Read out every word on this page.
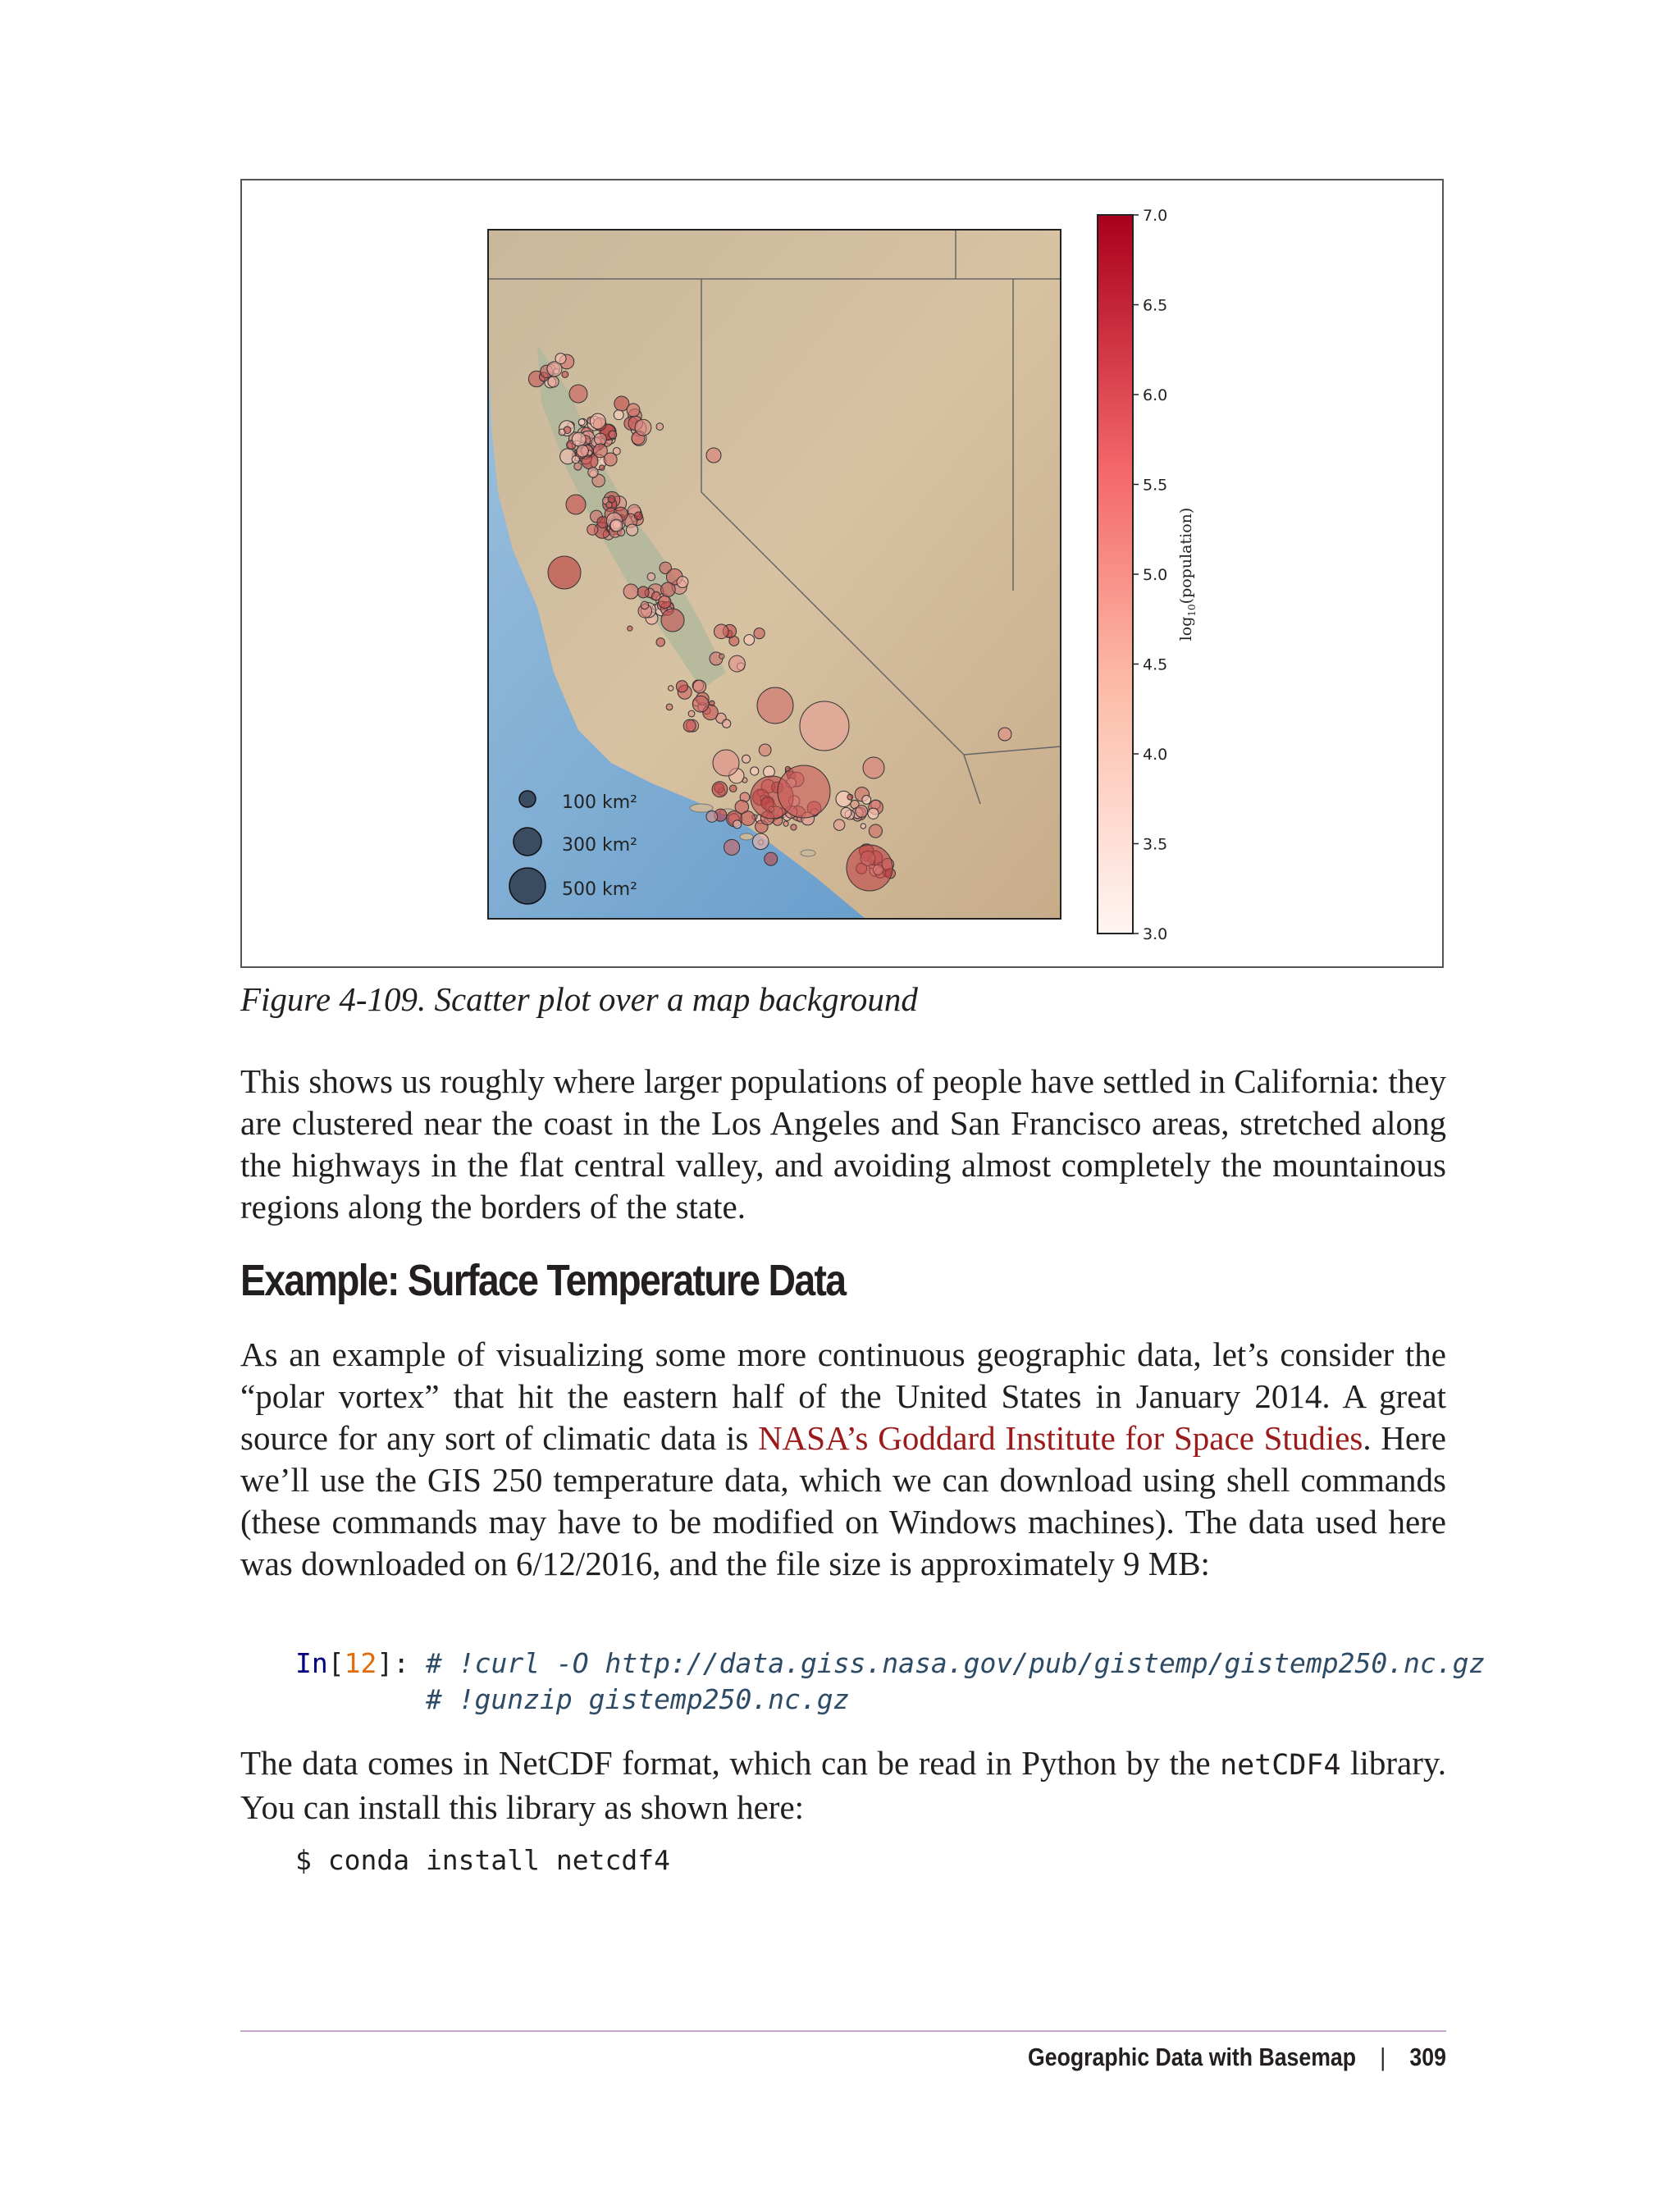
100 km²
300 km²
500 km²
3.0
3.5
4.0
4.5
5.0
5.5
6.0
6.5
7.0
$\log_{10}(population)$
Figure 4-109. Scatter plot over a map background

This shows us roughly where larger populations of people have settled in California: they are clustered near the coast in the Los Angeles and San Francisco areas, stretched along the highways in the flat central valley, and avoiding almost completely the mountainous regions along the borders of the state.

Example: Surface Temperature Data

As an example of visualizing some more continuous geographic data, let’s consider the “polar vortex” that hit the eastern half of the United States in January 2014. A great source for any sort of climatic data is NASA’s Goddard Institute for Space Studies. Here we’ll use the GIS 250 temperature data, which we can download using shell commands (these commands may have to be modified on Windows machines). The data used here was downloaded on 6/12/2016, and the file size is approximately 9 MB:

In[12]: # !curl -O http://data.giss.nasa.gov/pub/gistemp/gistemp250.nc.gz
# !gunzip gistemp250.nc.gz

The data comes in NetCDF format, which can be read in Python by the netCDF4 library. You can install this library as shown here:

$ conda install netcdf4
Geographic Data with Basemap | 309
